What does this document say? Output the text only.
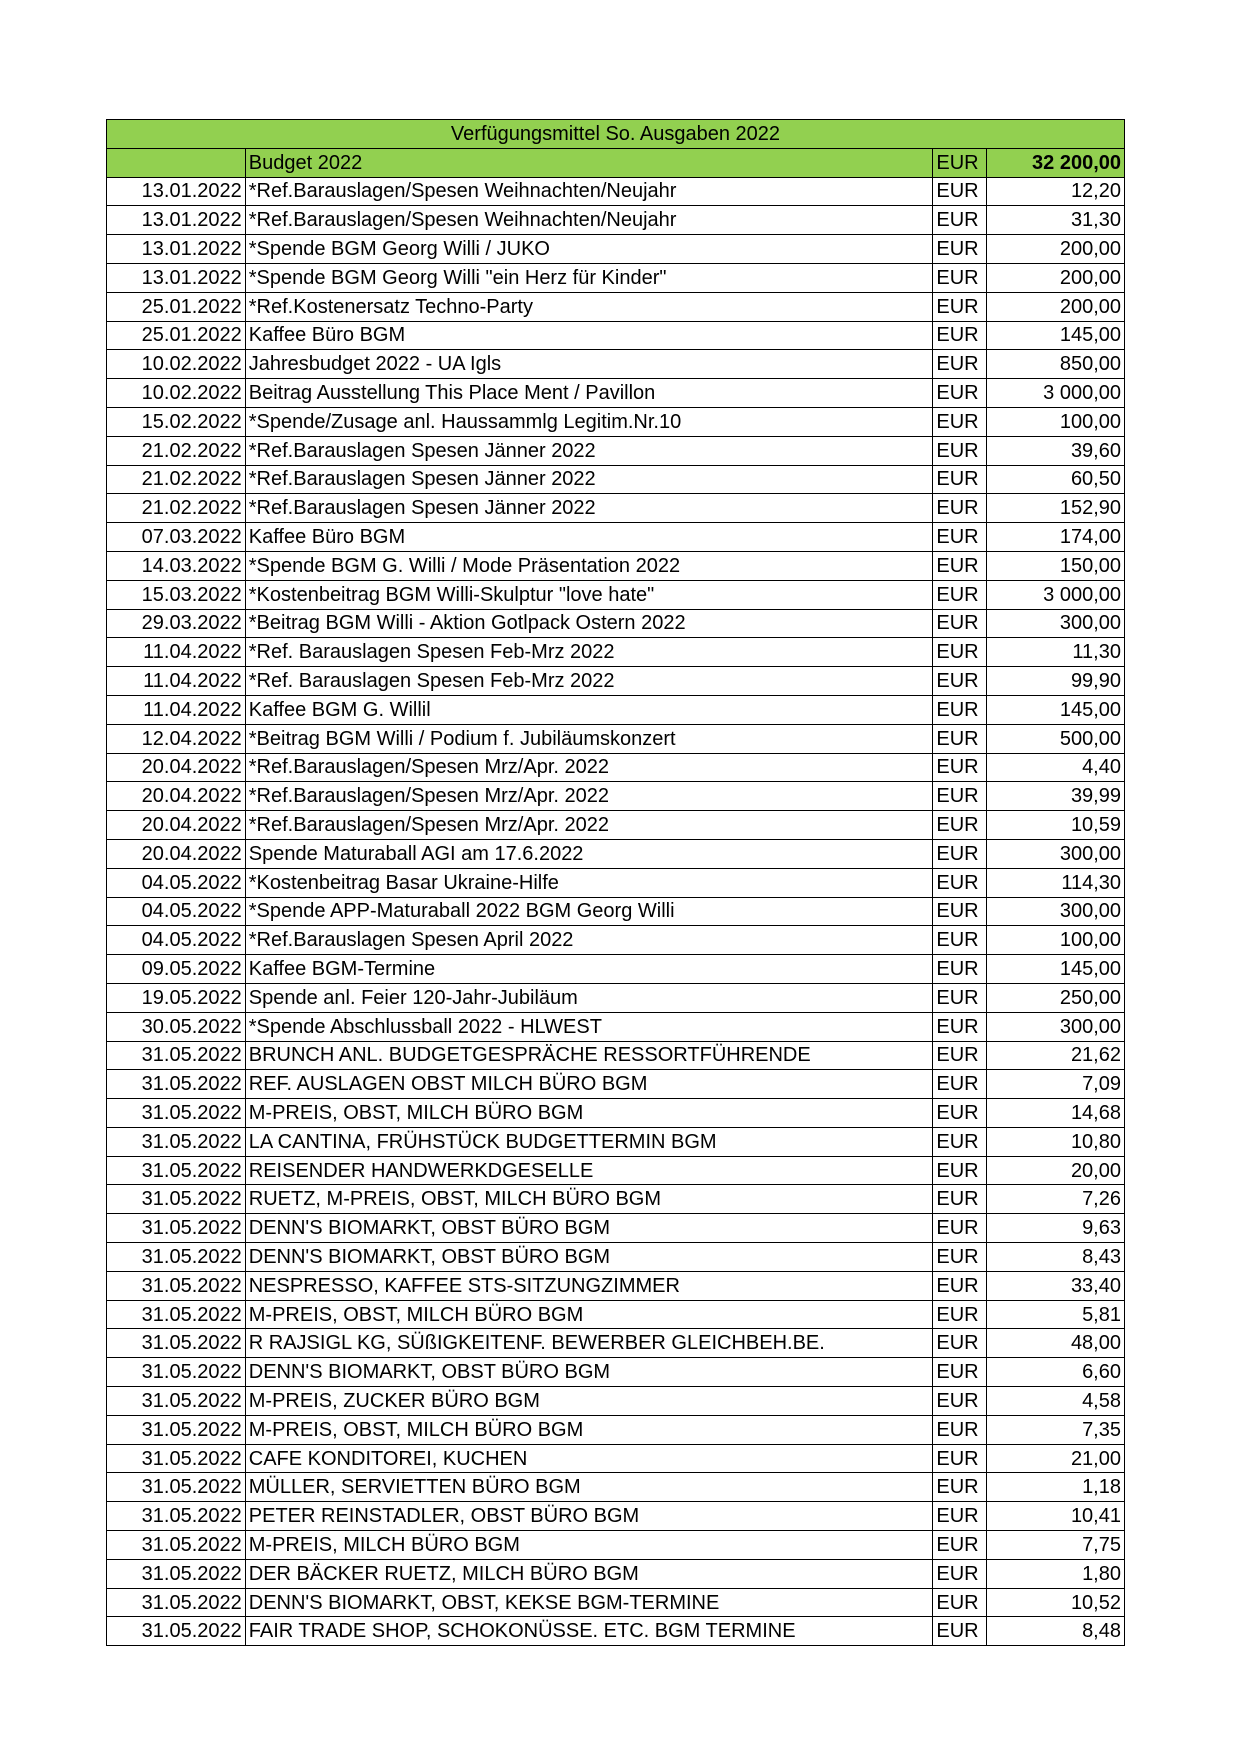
Verfügungsmittel So. Ausgaben 2022			
	Budget 2022	EUR	32 200,00
13.01.2022	*Ref.Barauslagen/Spesen Weihnachten/Neujahr	EUR	12,20
13.01.2022	*Ref.Barauslagen/Spesen Weihnachten/Neujahr	EUR	31,30
13.01.2022	*Spende BGM Georg Willi / JUKO	EUR	200,00
13.01.2022	*Spende BGM Georg Willi "ein Herz für Kinder"	EUR	200,00
25.01.2022	*Ref.Kostenersatz Techno-Party	EUR	200,00
25.01.2022	Kaffee Büro BGM	EUR	145,00
10.02.2022	Jahresbudget 2022 - UA Igls	EUR	850,00
10.02.2022	Beitrag Ausstellung This Place Ment / Pavillon	EUR	3 000,00
15.02.2022	*Spende/Zusage anl. Haussammlg Legitim.Nr.10	EUR	100,00
21.02.2022	*Ref.Barauslagen Spesen Jänner 2022	EUR	39,60
21.02.2022	*Ref.Barauslagen Spesen Jänner 2022	EUR	60,50
21.02.2022	*Ref.Barauslagen Spesen Jänner 2022	EUR	152,90
07.03.2022	Kaffee Büro BGM	EUR	174,00
14.03.2022	*Spende BGM G. Willi / Mode Präsentation 2022	EUR	150,00
15.03.2022	*Kostenbeitrag BGM Willi-Skulptur "love hate"	EUR	3 000,00
29.03.2022	*Beitrag BGM Willi - Aktion Gotlpack Ostern 2022	EUR	300,00
11.04.2022	*Ref. Barauslagen Spesen Feb-Mrz 2022	EUR	11,30
11.04.2022	*Ref. Barauslagen Spesen Feb-Mrz 2022	EUR	99,90
11.04.2022	Kaffee BGM G. Willil	EUR	145,00
12.04.2022	*Beitrag BGM Willi / Podium f. Jubiläumskonzert	EUR	500,00
20.04.2022	*Ref.Barauslagen/Spesen Mrz/Apr. 2022	EUR	4,40
20.04.2022	*Ref.Barauslagen/Spesen Mrz/Apr. 2022	EUR	39,99
20.04.2022	*Ref.Barauslagen/Spesen Mrz/Apr. 2022	EUR	10,59
20.04.2022	Spende Maturaball AGI am 17.6.2022	EUR	300,00
04.05.2022	*Kostenbeitrag Basar Ukraine-Hilfe	EUR	114,30
04.05.2022	*Spende APP-Maturaball 2022 BGM Georg Willi	EUR	300,00
04.05.2022	*Ref.Barauslagen Spesen April 2022	EUR	100,00
09.05.2022	Kaffee BGM-Termine	EUR	145,00
19.05.2022	Spende anl. Feier 120-Jahr-Jubiläum	EUR	250,00
30.05.2022	*Spende Abschlussball 2022 - HLWEST	EUR	300,00
31.05.2022	BRUNCH ANL. BUDGETGESPRÄCHE RESSORTFÜHRENDE	EUR	21,62
31.05.2022	REF. AUSLAGEN OBST MILCH BÜRO BGM	EUR	7,09
31.05.2022	M-PREIS, OBST, MILCH BÜRO BGM	EUR	14,68
31.05.2022	LA CANTINA, FRÜHSTÜCK BUDGETTERMIN BGM	EUR	10,80
31.05.2022	REISENDER HANDWERKDGESELLE	EUR	20,00
31.05.2022	RUETZ, M-PREIS, OBST, MILCH BÜRO BGM	EUR	7,26
31.05.2022	DENN'S BIOMARKT, OBST BÜRO BGM	EUR	9,63
31.05.2022	DENN'S BIOMARKT, OBST BÜRO BGM	EUR	8,43
31.05.2022	NESPRESSO, KAFFEE STS-SITZUNGZIMMER	EUR	33,40
31.05.2022	M-PREIS, OBST, MILCH BÜRO BGM	EUR	5,81
31.05.2022	R RAJSIGL KG, SÜßIGKEITENF. BEWERBER GLEICHBEH.BE.	EUR	48,00
31.05.2022	DENN'S BIOMARKT, OBST BÜRO BGM	EUR	6,60
31.05.2022	M-PREIS, ZUCKER BÜRO BGM	EUR	4,58
31.05.2022	M-PREIS, OBST, MILCH BÜRO BGM	EUR	7,35
31.05.2022	CAFE KONDITOREI, KUCHEN	EUR	21,00
31.05.2022	MÜLLER, SERVIETTEN BÜRO BGM	EUR	1,18
31.05.2022	PETER REINSTADLER, OBST BÜRO BGM	EUR	10,41
31.05.2022	M-PREIS, MILCH BÜRO BGM	EUR	7,75
31.05.2022	DER BÄCKER RUETZ, MILCH BÜRO BGM	EUR	1,80
31.05.2022	DENN'S BIOMARKT, OBST, KEKSE BGM-TERMINE	EUR	10,52
31.05.2022	FAIR TRADE SHOP, SCHOKONÜSSE. ETC. BGM TERMINE	EUR	8,48
